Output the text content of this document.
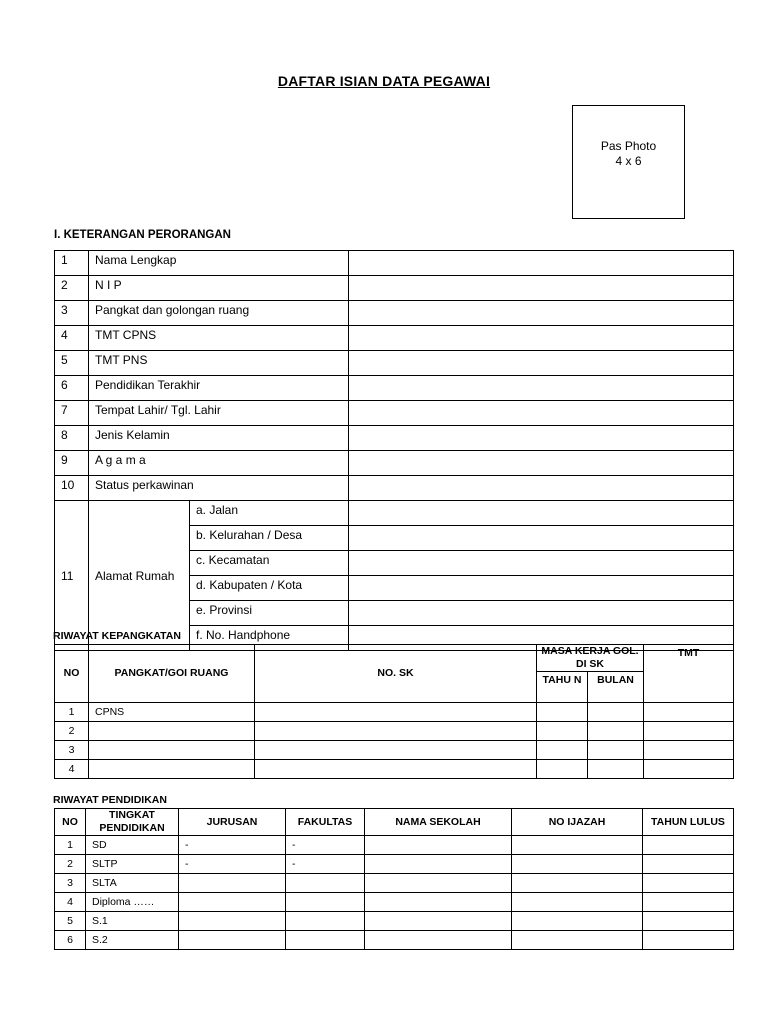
DAFTAR ISIAN DATA PEGAWAI
Pas Photo
4 x 6
I. KETERANGAN PERORANGAN
1	Nama Lengkap		
2	N I P		
3	Pangkat dan golongan ruang		
4	TMT CPNS		
5	TMT PNS		
6	Pendidikan Terakhir		
7	Tempat Lahir/ Tgl. Lahir		
8	Jenis Kelamin		
9	A g a m a		
10	Status perkawinan		
11	Alamat Rumah	a. Jalan	
		b. Kelurahan / Desa	
		c. Kecamatan	
		d. Kabupaten / Kota	
		e. Provinsi	
		f. No. Handphone	
RIWAYAT KEPANGKATAN
NO	PANGKAT/GOI RUANG	NO. SK	MASA KERJA GOL. DI SK		TMT
			TAHU N	BULAN	
1	CPNS				
2					
3					
4					
RIWAYAT PENDIDIKAN
NO	TINGKAT PENDIDIKAN	JURUSAN	FAKULTAS	NAMA SEKOLAH	NO IJAZAH	TAHUN LULUS
1	SD	-	-			
2	SLTP	-	-			
3	SLTA					
4	Diploma ……					
5	S.1					
6	S.2					
